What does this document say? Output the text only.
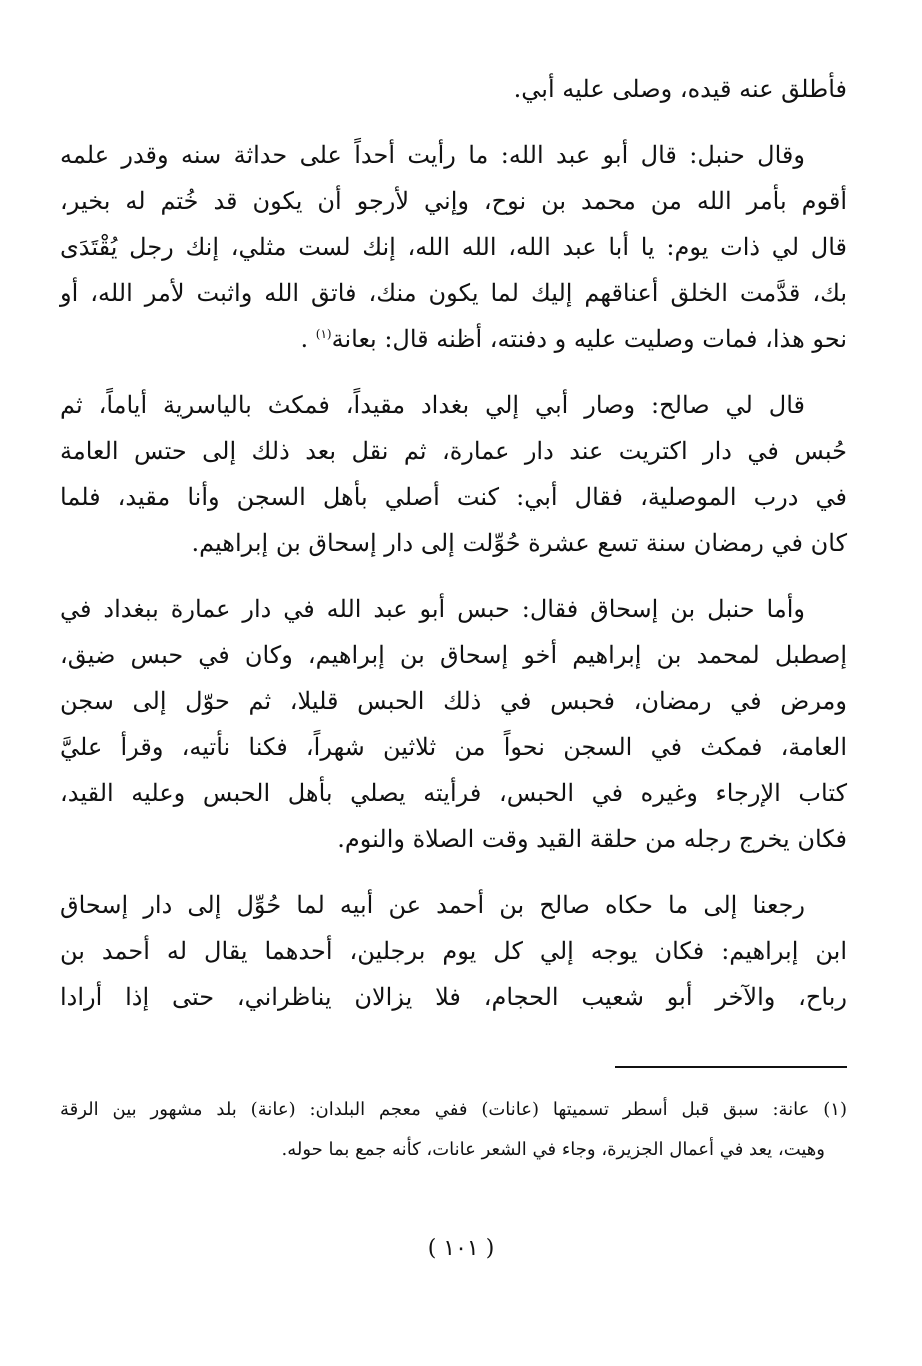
فأطلق عنه قيده، وصلى عليه أبي.

وقال حنبل: قال أبو عبد الله: ما رأيت أحداً على حداثة سنه وقدر علمه
أقوم بأمر الله من محمد بن نوح، وإني لأرجو أن يكون قد خُتم له بخير،
قال لي ذات يوم: يا أبا عبد الله، الله الله، إنك لست مثلي، إنك رجل يُقْتَدَى
بك، قدَّمت الخلق أعناقهم إليك لما يكون منك، فاتق الله واثبت لأمر الله، أو
نحو هذا، فمات وصليت عليه و دفنته، أظنه قال: بعانة$^{(١)}$ .

قال لي صالح: وصار أبي إلي بغداد مقيداً، فمكث بالياسرية أياماً، ثم
حُبس في دار اكتريت عند دار عمارة، ثم نقل بعد ذلك إلى حتس العامة
في درب الموصلية، فقال أبي: كنت أصلي بأهل السجن وأنا مقيد، فلما
كان في رمضان سنة تسع عشرة حُوِّلت إلى دار إسحاق بن إبراهيم.

وأما حنبل بن إسحاق فقال: حبس أبو عبد الله في دار عمارة ببغداد في
إصطبل لمحمد بن إبراهيم أخو إسحاق بن إبراهيم، وكان في حبس ضيق،
ومرض في رمضان، فحبس في ذلك الحبس قليلا، ثم حوّل إلى سجن
العامة، فمكث في السجن نحواً من ثلاثين شهراً، فكنا نأتيه، وقرأ عليَّ
كتاب الإرجاء وغيره في الحبس، فرأيته يصلي بأهل الحبس وعليه القيد،
فكان يخرج رجله من حلقة القيد وقت الصلاة والنوم.

رجعنا إلى ما حكاه صالح بن أحمد عن أبيه لما حُوِّل إلى دار إسحاق
ابن إبراهيم: فكان يوجه إلي كل يوم برجلين، أحدهما يقال له أحمد بن
رباح، والآخر أبو شعيب الحجام، فلا يزالان يناظراني، حتى إذا أرادا

(١) عانة: سبق قبل أسطر تسميتها (عانات) ففي معجم البلدان: (عانة) بلد مشهور بين الرقة
وهيت، يعد في أعمال الجزيرة، وجاء في الشعر عانات، كأنه جمع بما حوله.

( ١٠١ )
